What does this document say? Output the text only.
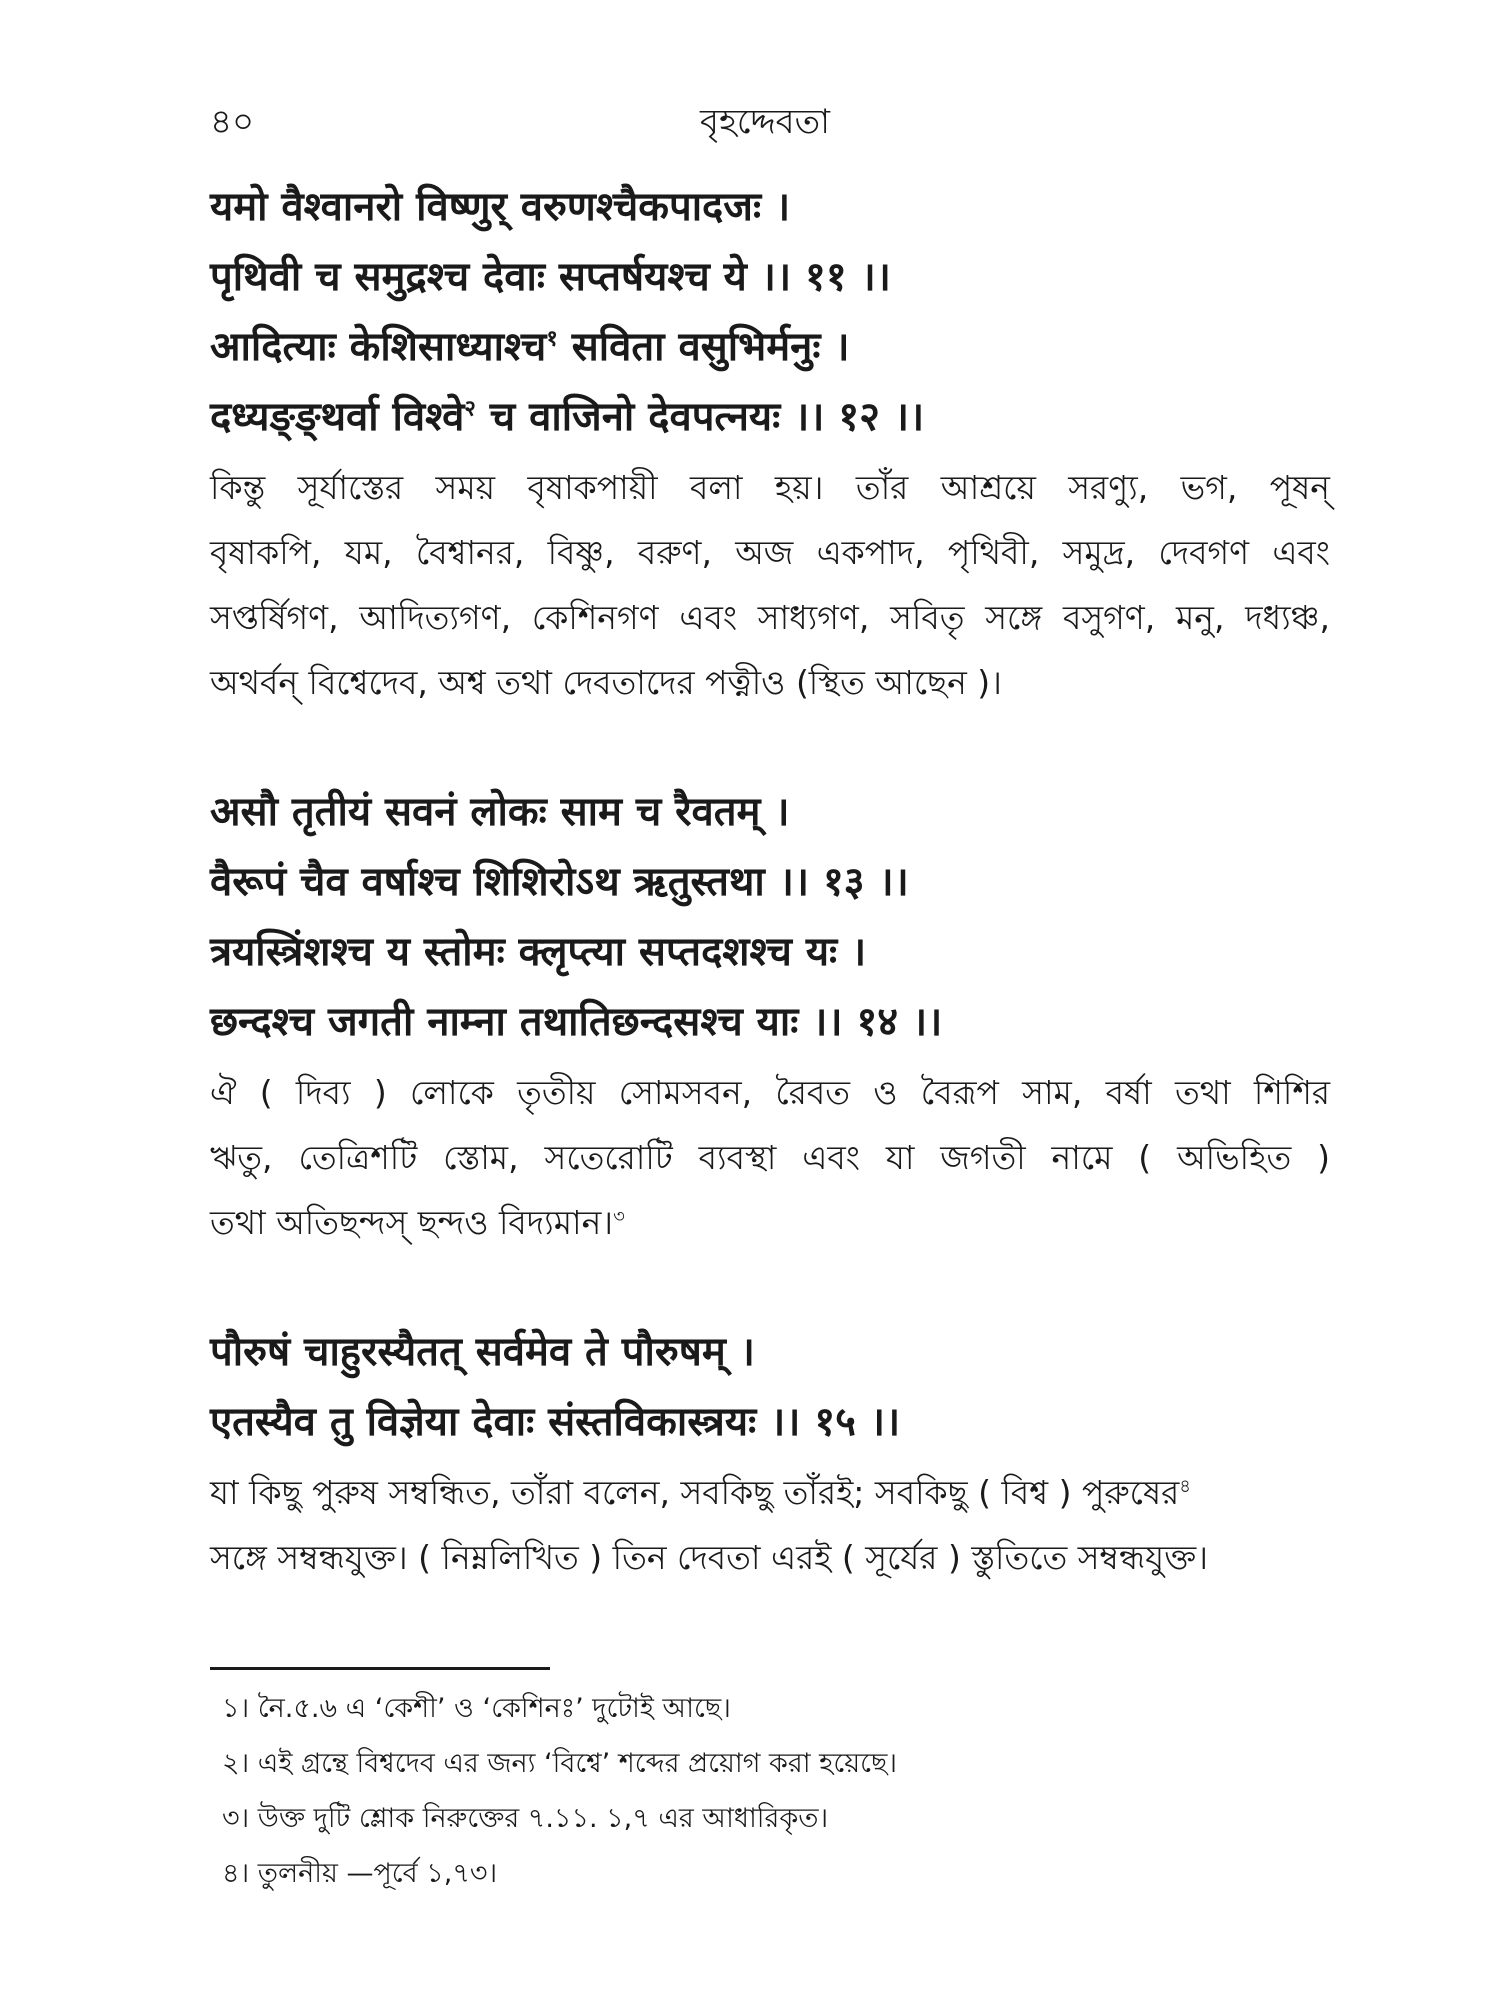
৪০	বৃহদ্দেবতা
यमो वैश्वानरो विष्णुर् वरुणश्चैकपादजः ।
पृथिवी च समुद्रश्च देवाः सप्तर्षयश्च ये ।। ११ ।।
आदित्याः केशिसाध्याश्च$^१$ सविता वसुभिर्मनुः ।
दध्यङ्ङ्थर्वा विश्वे$^२$ च वाजिनो देवपत्नयः ।। १२ ।।
কিন্তু সূর্যাস্তের সময় বৃষাকপায়ী বলা হয়। তাঁর আশ্রয়ে সরণ্যু, ভগ, পূষন্
বৃষাকপি, যম, বৈশ্বানর, বিষ্ণু, বরুণ, অজ একপাদ, পৃথিবী, সমুদ্র, দেবগণ এবং
সপ্তর্ষিগণ, আদিত্যগণ, কেশিনগণ এবং সাধ্যগণ, সবিতৃ সঙ্গে বসুগণ, মনু, দধ্যঞ্চ,
অথর্বন্ বিশ্বেদেব, অশ্ব তথা দেবতাদের পত্নীও (স্থিত আছেন )।
असौ तृतीयं सवनं लोकः साम च रैवतम् ।
वैरूपं चैव वर्षाश्च शिशिरोऽथ ऋतुस्तथा ।। १३ ।।
त्रयस्त्रिंशश्च य स्तोमः क्लृप्त्या सप्तदशश्च यः ।
छन्दश्च जगती नाम्ना तथातिछन्दसश्च याः ।। १४ ।।
ঐ ( দিব্য ) লোকে তৃতীয় সোমসবন, রৈবত ও বৈরূপ সাম, বর্ষা তথা শিশির
ঋতু, তেত্রিশটি স্তোম, সতেরোটি ব্যবস্থা এবং যা জগতী নামে ( অভিহিত )
তথা অতিছন্দস্ ছন্দও বিদ্যমান।$^৩$
पौरुषं चाहुरस्यैतत् सर्वमेव ते पौरुषम् ।
एतस्यैव तु विज्ञेया देवाः संस्तविकास्त्रयः ।। १५ ।।
যা কিছু পুরুষ সম্বন্ধিত, তাঁরা বলেন, সবকিছু তাঁরই; সবকিছু ( বিশ্ব ) পুরুষের$^৪$
সঙ্গে সম্বন্ধযুক্ত। ( নিম্নলিখিত ) তিন দেবতা এরই ( সূর্যের ) স্তুতিতে সম্বন্ধযুক্ত।
১। নৈ.৫.৬ এ ‘কেশী’ ও ‘কেশিনঃ’ দুটোই আছে।
২। এই গ্রন্থে বিশ্বদেব এর জন্য ‘বিশ্বে’ শব্দের প্রয়োগ করা হয়েছে।
৩। উক্ত দুটি শ্লোক নিরুক্তের ৭.১১. ১,৭ এর আধারিকৃত।
৪। তুলনীয় —পূর্বে ১,৭৩।
